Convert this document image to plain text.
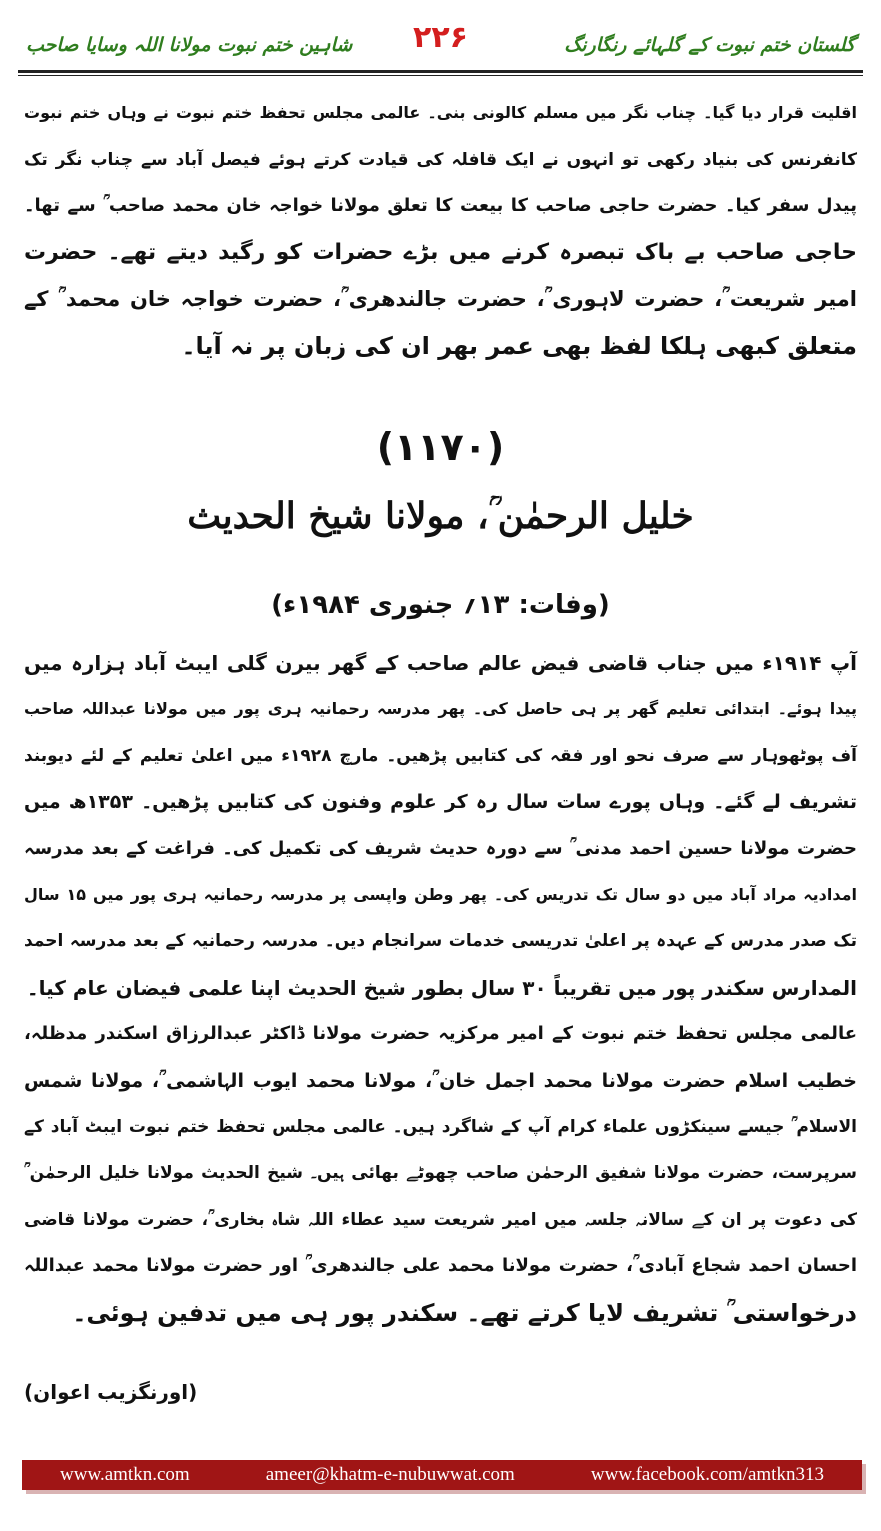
گلستان ختم نبوت کے گلہائے رنگارنگ
۲۲۶
شاہین ختم نبوت مولانا اللہ وسایا صاحب
اقلیت قرار دیا گیا۔ چناب نگر میں مسلم کالونی بنی۔ عالمی مجلس تحفظ ختم نبوت نے وہاں ختم نبوت
کانفرنس کی بنیاد رکھی تو انہوں نے ایک قافلہ کی قیادت کرتے ہوئے فیصل آباد سے چناب نگر تک
پیدل سفر کیا۔ حضرت حاجی صاحب کا بیعت کا تعلق مولانا خواجہ خان محمد صاحب ؒ سے تھا۔
حاجی صاحب بے باک تبصرہ کرنے میں بڑے حضرات کو رگید دیتے تھے۔ حضرت
امیر شریعت ؒ، حضرت لاہوری ؒ، حضرت جالندھری ؒ، حضرت خواجہ خان محمد ؒ کے
متعلق کبھی ہلکا لفظ بھی عمر بھر ان کی زبان پر نہ آیا۔
(۱۱۷۰)
خلیل الرحمٰن ؒ، مولانا شیخ الحدیث
(وفات: ۱۳؍ جنوری ۱۹۸۴ء)
آپ ۱۹۱۴ء میں جناب قاضی فیض عالم صاحب کے گھر بیرن گلی ایبٹ آباد ہزارہ میں
پیدا ہوئے۔ ابتدائی تعلیم گھر پر ہی حاصل کی۔ پھر مدرسہ رحمانیہ ہری پور میں مولانا عبداللہ صاحب
آف پوٹھوہار سے صرف نحو اور فقہ کی کتابیں پڑھیں۔ مارچ ۱۹۲۸ء میں اعلیٰ تعلیم کے لئے دیوبند
تشریف لے گئے۔ وہاں پورے سات سال رہ کر علوم وفنون کی کتابیں پڑھیں۔ ۱۳۵۳ھ میں
حضرت مولانا حسین احمد مدنی ؒ سے دورہ حدیث شریف کی تکمیل کی۔ فراغت کے بعد مدرسہ
امدادیہ مراد آباد میں دو سال تک تدریس کی۔ پھر وطن واپسی پر مدرسہ رحمانیہ ہری پور میں ۱۵ سال
تک صدر مدرس کے عہدہ پر اعلیٰ تدریسی خدمات سرانجام دیں۔ مدرسہ رحمانیہ کے بعد مدرسہ احمد
المدارس سکندر پور میں تقریباً ۳۰ سال بطور شیخ الحدیث اپنا علمی فیضان عام کیا۔
عالمی مجلس تحفظ ختم نبوت کے امیر مرکزیہ حضرت مولانا ڈاکٹر عبدالرزاق اسکندر مدظلہ،
خطیب اسلام حضرت مولانا محمد اجمل خان ؒ، مولانا محمد ایوب الہاشمی ؒ، مولانا شمس
الاسلام ؒ جیسے سینکڑوں علماء کرام آپ کے شاگرد ہیں۔ عالمی مجلس تحفظ ختم نبوت ایبٹ آباد کے
سرپرست، حضرت مولانا شفیق الرحمٰن صاحب چھوٹے بھائی ہیں۔ شیخ الحدیث مولانا خلیل الرحمٰن ؒ
کی دعوت پر ان کے سالانہ جلسہ میں امیر شریعت سید عطاء اللہ شاہ بخاری ؒ، حضرت مولانا قاضی
احسان احمد شجاع آبادی ؒ، حضرت مولانا محمد علی جالندھری ؒ اور حضرت مولانا محمد عبداللہ
درخواستی ؒ تشریف لایا کرتے تھے۔ سکندر پور ہی میں تدفین ہوئی۔
(اورنگزیب اعوان)
www.amtkn.com	ameer@khatm-e-nubuwwat.com	www.facebook.com/amtkn313
